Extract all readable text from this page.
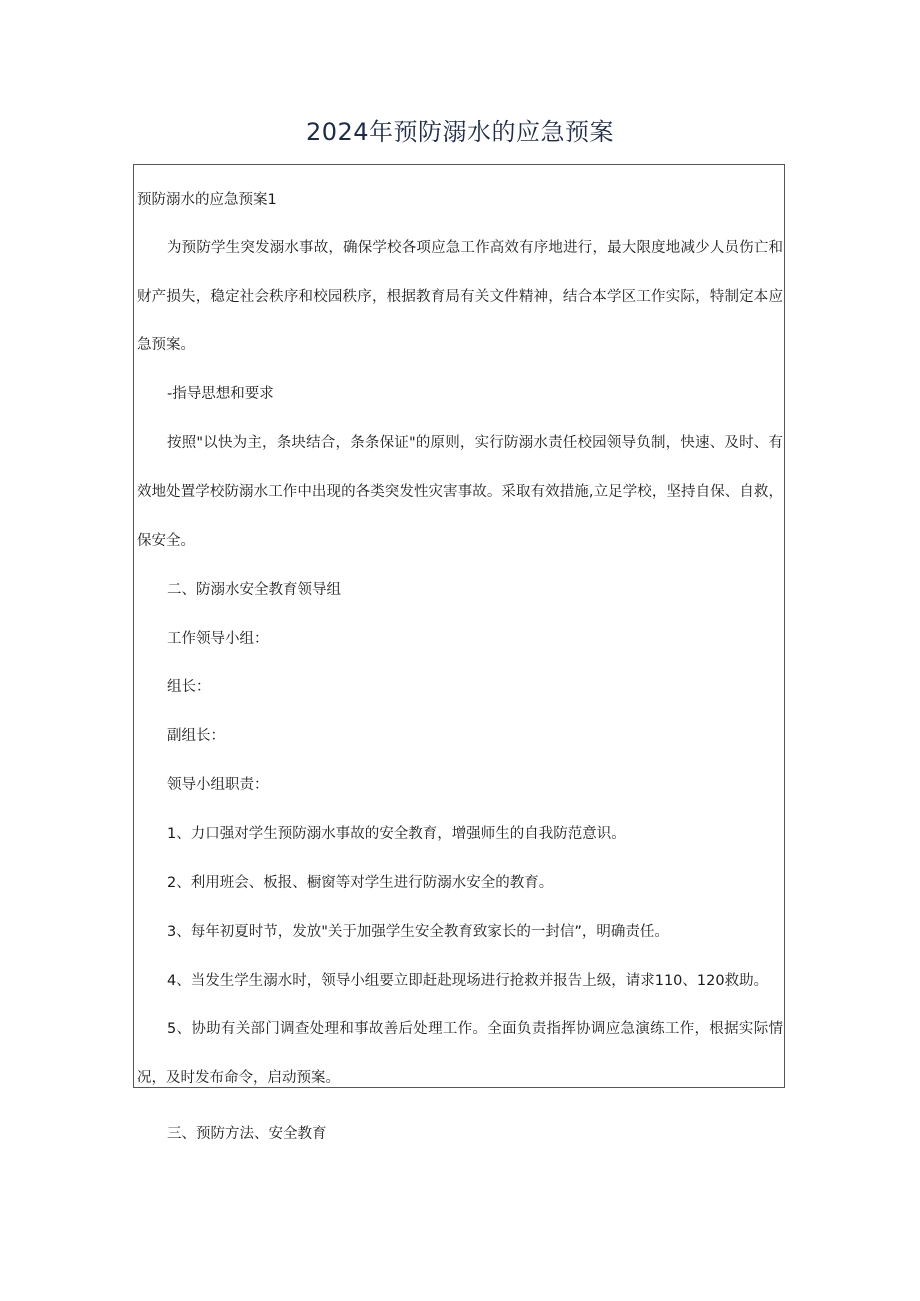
2024年预防溺水的应急预案
预防溺水的应急预案1
为预防学生突发溺水事故，确保学校各项应急工作高效有序地进行，最大限度地减少人员伤亡和
财产损失，稳定社会秩序和校园秩序，根据教育局有关文件精神，结合本学区工作实际，特制定本应
急预案。
-指导思想和要求
按照"以快为主，条块结合，条条保证"的原则，实行防溺水责任校园领导负制，快速、及时、有
效地处置学校防溺水工作中出现的各类突发性灾害事故。采取有效措施,立足学校，坚持自保、自救，
保安全。
二、防溺水安全教育领导组
工作领导小组：
组长：
副组长：
领导小组职责：
1、力口强对学生预防溺水事故的安全教育，增强师生的自我防范意识。
2、利用班会、板报、橱窗等对学生进行防溺水安全的教育。
3、每年初夏时节，发放"关于加强学生安全教育致家长的一封信”，明确责任。
4、当发生学生溺水时，领导小组要立即赶赴现场进行抢救并报告上级，请求110、120救助。
5、协助有关部门调查处理和事故善后处理工作。全面负责指挥协调应急演练工作，根据实际情
况，及时发布命令，启动预案。
三、预防方法、安全教育
